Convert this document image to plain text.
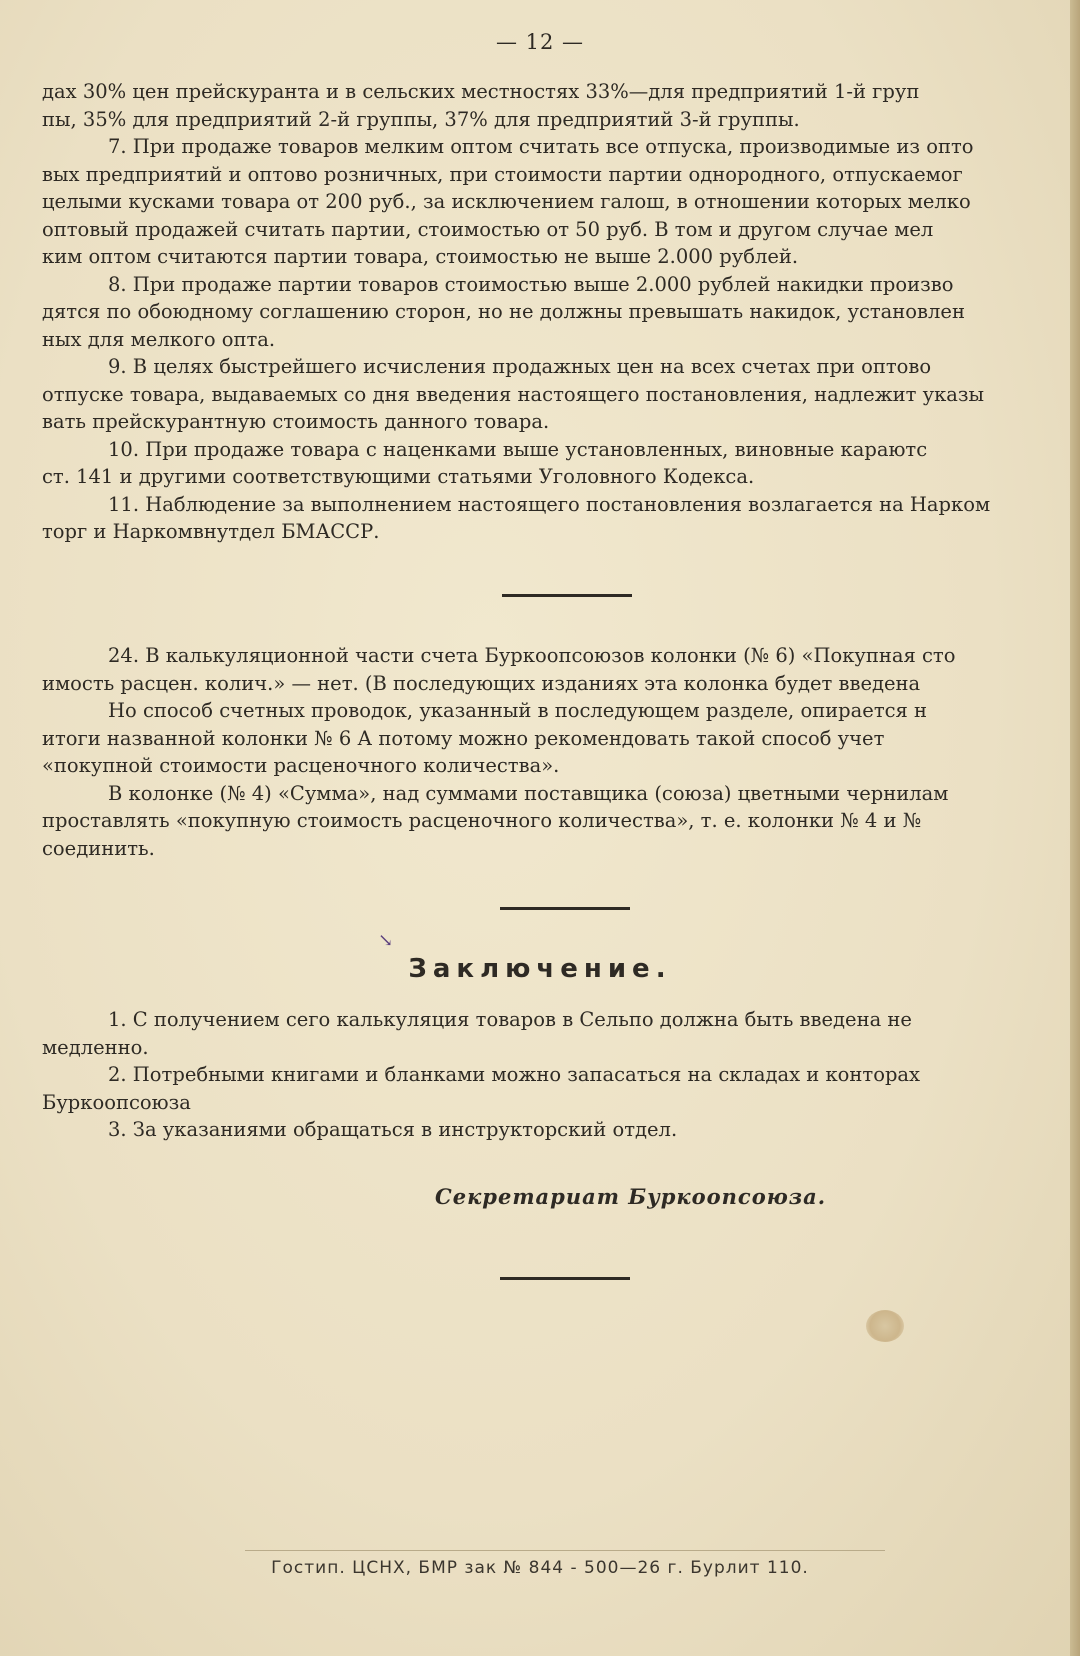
— 12 —
дах 30% цен прейскуранта и в сельских местностях 33%—для предприятий 1-й груп
пы, 35% для предприятий 2-й группы, 37% для предприятий 3-й группы.
7. При продаже товаров мелким оптом считать все отпуска, производимые из опто
вых предприятий и оптово розничных, при стоимости партии однородного, отпускаемог
целыми кусками товара от 200 руб., за исключением галош, в отношении которых мелко
оптовый продажей считать партии, стоимостью от 50 руб. В том и другом случае мел
ким оптом считаются партии товара, стоимостью не выше 2.000 рублей.
8. При продаже партии товаров стоимостью выше 2.000 рублей накидки произво
дятся по обоюдному соглашению сторон, но не должны превышать накидок, установлен
ных для мелкого опта.
9. В целях быстрейшего исчисления продажных цен на всех счетах при оптово
отпуске товара, выдаваемых со дня введения настоящего постановления, надлежит указы
вать прейскурантную стоимость данного товара.
10. При продаже товара с наценками выше установленных, виновные караютс
ст. 141 и другими соответствующими статьями Уголовного Кодекса.
11. Наблюдение за выполнением настоящего постановления возлагается на Нарком
торг и Наркомвнутдел БМАССР.
24. В калькуляционной части счета Буркоопсоюзов колонки (№ 6) «Покупная сто
имость расцен. колич.» — нет. (В последующих изданиях эта колонка будет введена
Но способ счетных проводок, указанный в последующем разделе, опирается н
итоги названной колонки № 6 А потому можно рекомендовать такой способ учет
«покупной стоимости расценочного количества».
В колонке (№ 4) «Сумма», над суммами поставщика (союза) цветными чернилам
проставлять «покупную стоимость расценочного количества», т. е. колонки № 4 и №
соединить.
↘
Заключение.
1. С получением сего калькуляция товаров в Сельпо должна быть введена не
медленно.
2. Потребными книгами и бланками можно запасаться на складах и конторах
Буркоопсоюза
3. За указаниями обращаться в инструкторский отдел.
Секретариат Буркоопсоюза.
Гостип. ЦСНХ, БМР зак № 844 - 500—26 г. Бурлит 110.
